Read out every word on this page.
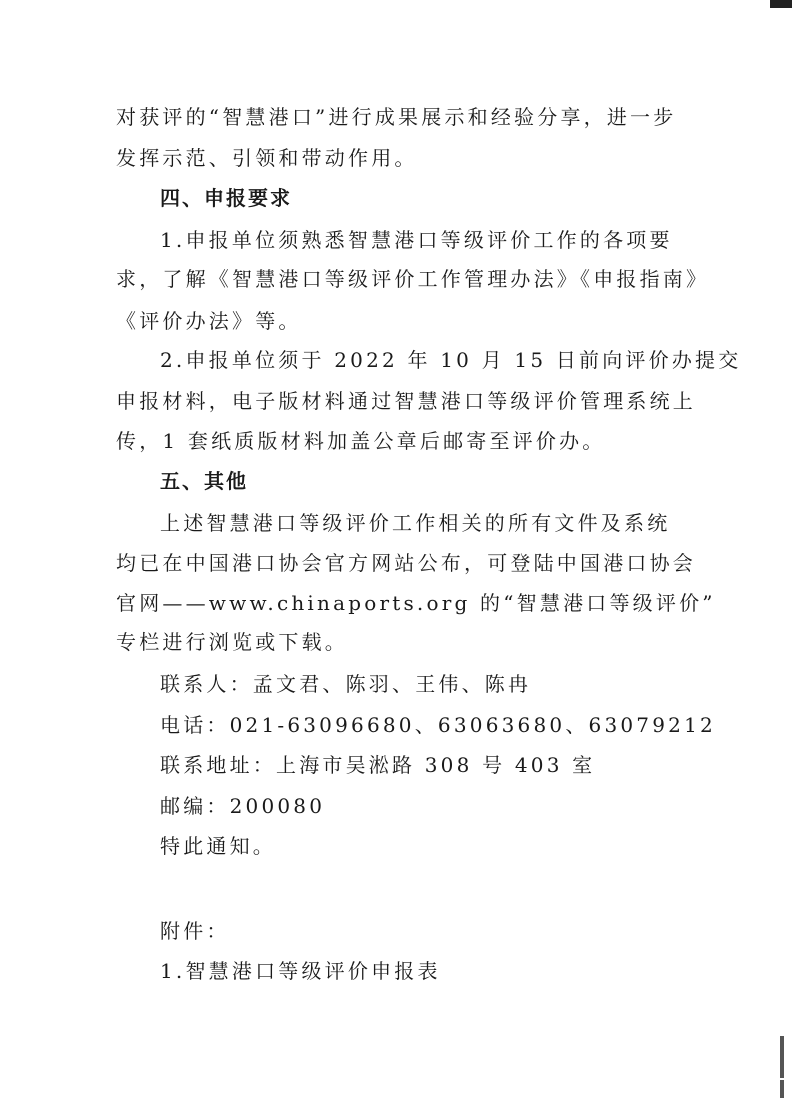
对获评的“智慧港口”进行成果展示和经验分享，进一步
发挥示范、引领和带动作用。
四、申报要求
1.申报单位须熟悉智慧港口等级评价工作的各项要
求，了解《智慧港口等级评价工作管理办法》《申报指南》
《评价办法》等。
2.申报单位须于 2022 年 10 月 15 日前向评价办提交
申报材料，电子版材料通过智慧港口等级评价管理系统上
传，1 套纸质版材料加盖公章后邮寄至评价办。
五、其他
上述智慧港口等级评价工作相关的所有文件及系统
均已在中国港口协会官方网站公布，可登陆中国港口协会
官网——www.chinaports.org 的“智慧港口等级评价”
专栏进行浏览或下载。
联系人：孟文君、陈羽、王伟、陈冉
电话：021-63096680、63063680、63079212
联系地址：上海市吴淞路 308 号 403 室
邮编：200080
特此通知。
附件：
1.智慧港口等级评价申报表
